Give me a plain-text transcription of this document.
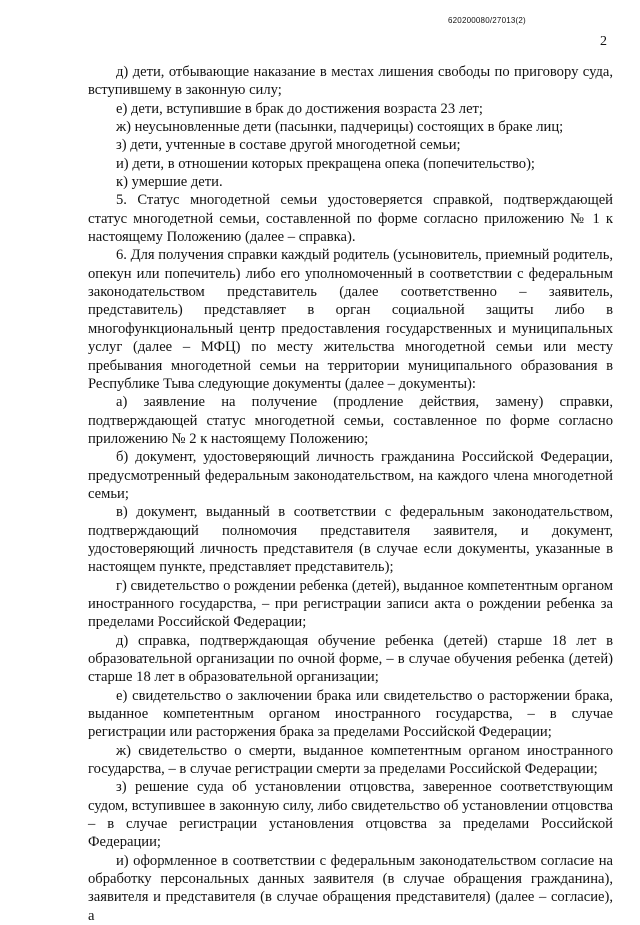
620200080/27013(2)
2

д) дети, отбывающие наказание в местах лишения свободы по приговору суда, вступившему в законную силу;

е) дети, вступившие в брак до достижения возраста 23 лет;

ж) неусыновленные дети (пасынки, падчерицы) состоящих в браке лиц;

з) дети, учтенные в составе другой многодетной семьи;

и) дети, в отношении которых прекращена опека (попечительство);

к) умершие дети.

5. Статус многодетной семьи удостоверяется справкой, подтверждающей статус многодетной семьи, составленной по форме согласно приложению № 1 к настоящему Положению (далее – справка).

6. Для получения справки каждый родитель (усыновитель, приемный родитель, опекун или попечитель) либо его уполномоченный в соответствии с федеральным законодательством представитель (далее соответственно – заявитель, представитель) представляет в орган социальной защиты либо в многофункциональный центр предоставления государственных и муниципальных услуг (далее – МФЦ) по месту жительства многодетной семьи или месту пребывания многодетной семьи на территории муниципального образования в Республике Тыва следующие документы (далее – документы):

а) заявление на получение (продление действия, замену) справки, подтверждающей статус многодетной семьи, составленное по форме согласно приложению № 2 к настоящему Положению;

б) документ, удостоверяющий личность гражданина Российской Федерации, предусмотренный федеральным законодательством, на каждого члена многодетной семьи;

в) документ, выданный в соответствии с федеральным законодательством, подтверждающий полномочия представителя заявителя, и документ, удостоверяющий личность представителя (в случае если документы, указанные в настоящем пункте, представляет представитель);

г) свидетельство о рождении ребенка (детей), выданное компетентным органом иностранного государства, – при регистрации записи акта о рождении ребенка за пределами Российской Федерации;

д) справка, подтверждающая обучение ребенка (детей) старше 18 лет в образовательной организации по очной форме, – в случае обучения ребенка (детей) старше 18 лет в образовательной организации;

е) свидетельство о заключении брака или свидетельство о расторжении брака, выданное компетентным органом иностранного государства, – в случае регистрации или расторжения брака за пределами Российской Федерации;

ж) свидетельство о смерти, выданное компетентным органом иностранного государства, – в случае регистрации смерти за пределами Российской Федерации;

з) решение суда об установлении отцовства, заверенное соответствующим судом, вступившее в законную силу, либо свидетельство об установлении отцовства – в случае регистрации установления отцовства за пределами Российской Федерации;

и) оформленное в соответствии с федеральным законодательством согласие на обработку персональных данных заявителя (в случае обращения гражданина), заявителя и представителя (в случае обращения представителя) (далее – согласие), а
